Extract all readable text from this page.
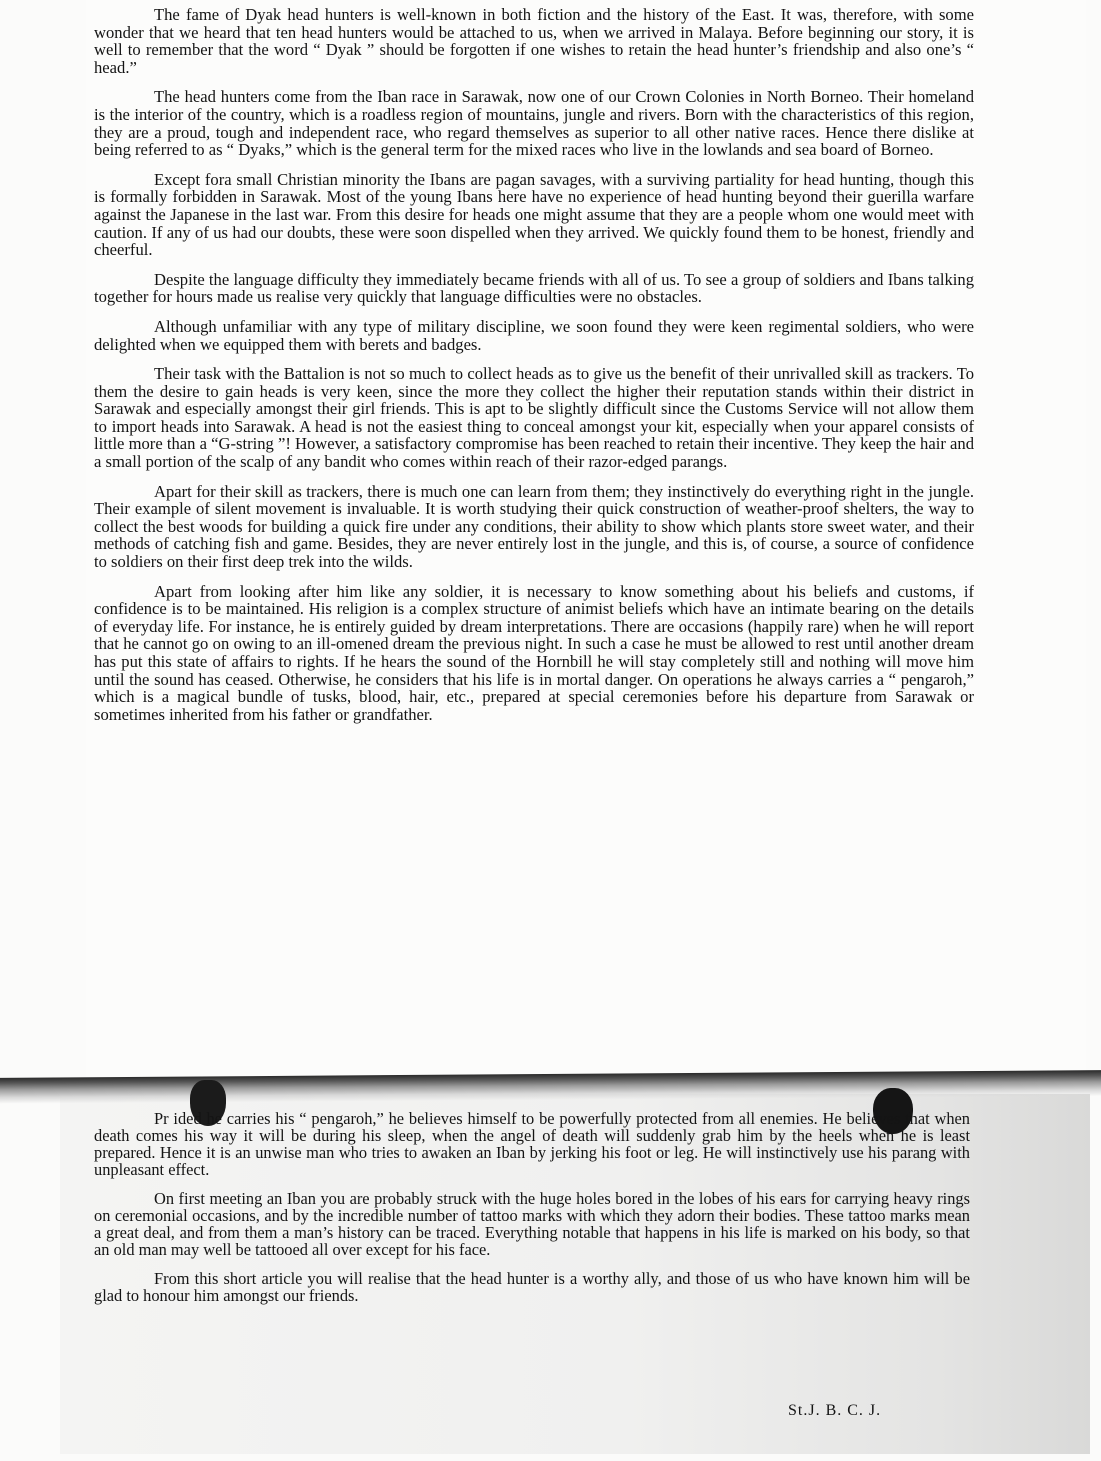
The fame of Dyak head hunters is well-known in both fiction and the history of the East. It was, therefore, with some wonder that we heard that ten head hunters would be attached to us, when we arrived in Malaya. Before beginning our story, it is well to remember that the word “ Dyak ” should be forgotten if one wishes to retain the head hunter’s friendship and also one’s “ head.”

The head hunters come from the Iban race in Sarawak, now one of our Crown Colonies in North Borneo. Their homeland is the interior of the country, which is a roadless region of mountains, jungle and rivers. Born with the characteristics of this region, they are a proud, tough and independent race, who regard themselves as superior to all other native races. Hence there dislike at being referred to as “ Dyaks,” which is the general term for the mixed races who live in the lowlands and sea board of Borneo.

Except fora small Christian minority the Ibans are pagan savages, with a surviving partiality for head hunting, though this is formally forbidden in Sarawak. Most of the young Ibans here have no experience of head hunting beyond their guerilla warfare against the Japanese in the last war. From this desire for heads one might assume that they are a people whom one would meet with caution. If any of us had our doubts, these were soon dispelled when they arrived. We quickly found them to be honest, friendly and cheerful.

Despite the language difficulty they immediately became friends with all of us. To see a group of soldiers and Ibans talking together for hours made us realise very quickly that language difficulties were no obstacles.

Although unfamiliar with any type of military discipline, we soon found they were keen regimental soldiers, who were delighted when we equipped them with berets and badges.

Their task with the Battalion is not so much to collect heads as to give us the benefit of their unrivalled skill as trackers. To them the desire to gain heads is very keen, since the more they collect the higher their reputation stands within their district in Sarawak and especially amongst their girl friends. This is apt to be slightly difficult since the Customs Service will not allow them to import heads into Sarawak. A head is not the easiest thing to conceal amongst your kit, especially when your apparel consists of little more than a “G-string ”! However, a satisfactory compromise has been reached to retain their incentive. They keep the hair and a small portion of the scalp of any bandit who comes within reach of their razor-edged parangs.

Apart for their skill as trackers, there is much one can learn from them; they instinctively do everything right in the jungle. Their example of silent movement is invaluable. It is worth studying their quick construction of weather-proof shelters, the way to collect the best woods for building a quick fire under any conditions, their ability to show which plants store sweet water, and their methods of catching fish and game. Besides, they are never entirely lost in the jungle, and this is, of course, a source of confidence to soldiers on their first deep trek into the wilds.

Apart from looking after him like any soldier, it is necessary to know something about his beliefs and customs, if confidence is to be maintained. His religion is a complex structure of animist beliefs which have an intimate bearing on the details of everyday life. For instance, he is entirely guided by dream interpretations. There are occasions (happily rare) when he will report that he cannot go on owing to an ill-omened dream the previous night. In such a case he must be allowed to rest until another dream has put this state of affairs to rights. If he hears the sound of the Hornbill he will stay completely still and nothing will move him until the sound has ceased. Otherwise, he considers that his life is in mortal danger. On operations he always carries a “ pengaroh,” which is a magical bundle of tusks, blood, hair, etc., prepared at special ceremonies before his departure from Sarawak or sometimes inherited from his father or grandfather.

Pr ided he carries his “ pengaroh,” he believes himself to be powerfully protected from all enemies. He believes that when death comes his way it will be during his sleep, when the angel of death will suddenly grab him by the heels when he is least prepared. Hence it is an unwise man who tries to awaken an Iban by jerking his foot or leg. He will instinctively use his parang with unpleasant effect.

On first meeting an Iban you are probably struck with the huge holes bored in the lobes of his ears for carrying heavy rings on ceremonial occasions, and by the incredible number of tattoo marks with which they adorn their bodies. These tattoo marks mean a great deal, and from them a man’s history can be traced. Everything notable that happens in his life is marked on his body, so that an old man may well be tattooed all over except for his face.

From this short article you will realise that the head hunter is a worthy ally, and those of us who have known him will be glad to honour him amongst our friends.

St.J. B. C. J.
